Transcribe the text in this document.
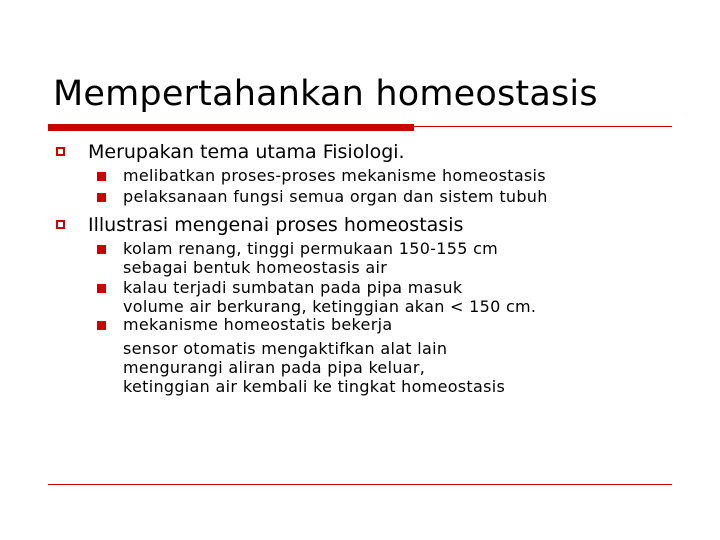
Mempertahankan homeostasis
Merupakan tema utama Fisiologi.
melibatkan proses-proses mekanisme homeostasis
pelaksanaan fungsi semua organ dan sistem tubuh
Illustrasi mengenai proses homeostasis
kolam renang, tinggi permukaan 150-155 cm
sebagai bentuk homeostasis air
kalau terjadi sumbatan pada pipa masuk
volume air berkurang, ketinggian akan < 150 cm.
mekanisme homeostatis bekerja
sensor otomatis mengaktifkan alat lain
mengurangi aliran pada pipa keluar,
ketinggian air kembali ke tingkat homeostasis
